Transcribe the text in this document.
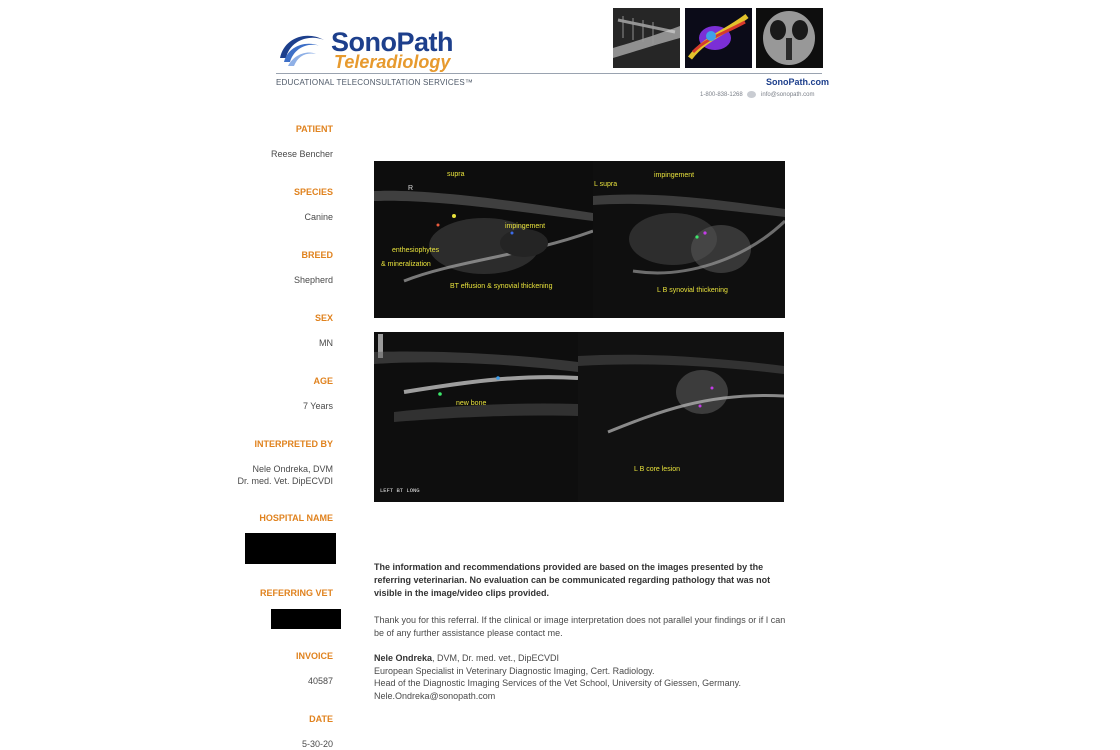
SonoPath
Teleradiology
EDUCATIONAL TELECONSULTATION SERVICES™	SonoPath.com
1-800-838-1268	info@sonopath.com
PATIENT
Reese Bencher
SPECIES
Canine
BREED
Shepherd
SEX
MN
AGE
7 Years
INTERPRETED BY
Nele Ondreka, DVM
Dr. med. Vet. DipECVDI
HOSPITAL NAME
REFERRING VET
INVOICE
40587
DATE
5-30-20
supra
R
impingement
enthesiophytes
& mineralization
BT effusion & synovial thickening
L supra
impingement
L B synovial thickening
new bone
LEFT BT LONG
L B core lesion
The information and recommendations provided are based on the images presented by the referring veterinarian. No evaluation can be communicated regarding pathology that was not visible in the image/video clips provided.
Thank you for this referral. If the clinical or image interpretation does not parallel your findings or if I can be of any further assistance please contact me.
Nele Ondreka, DVM, Dr. med. vet., DipECVDI
European Specialist in Veterinary Diagnostic Imaging, Cert. Radiology.
Head of the Diagnostic Imaging Services of the Vet School, University of Giessen, Germany.
Nele.Ondreka@sonopath.com
